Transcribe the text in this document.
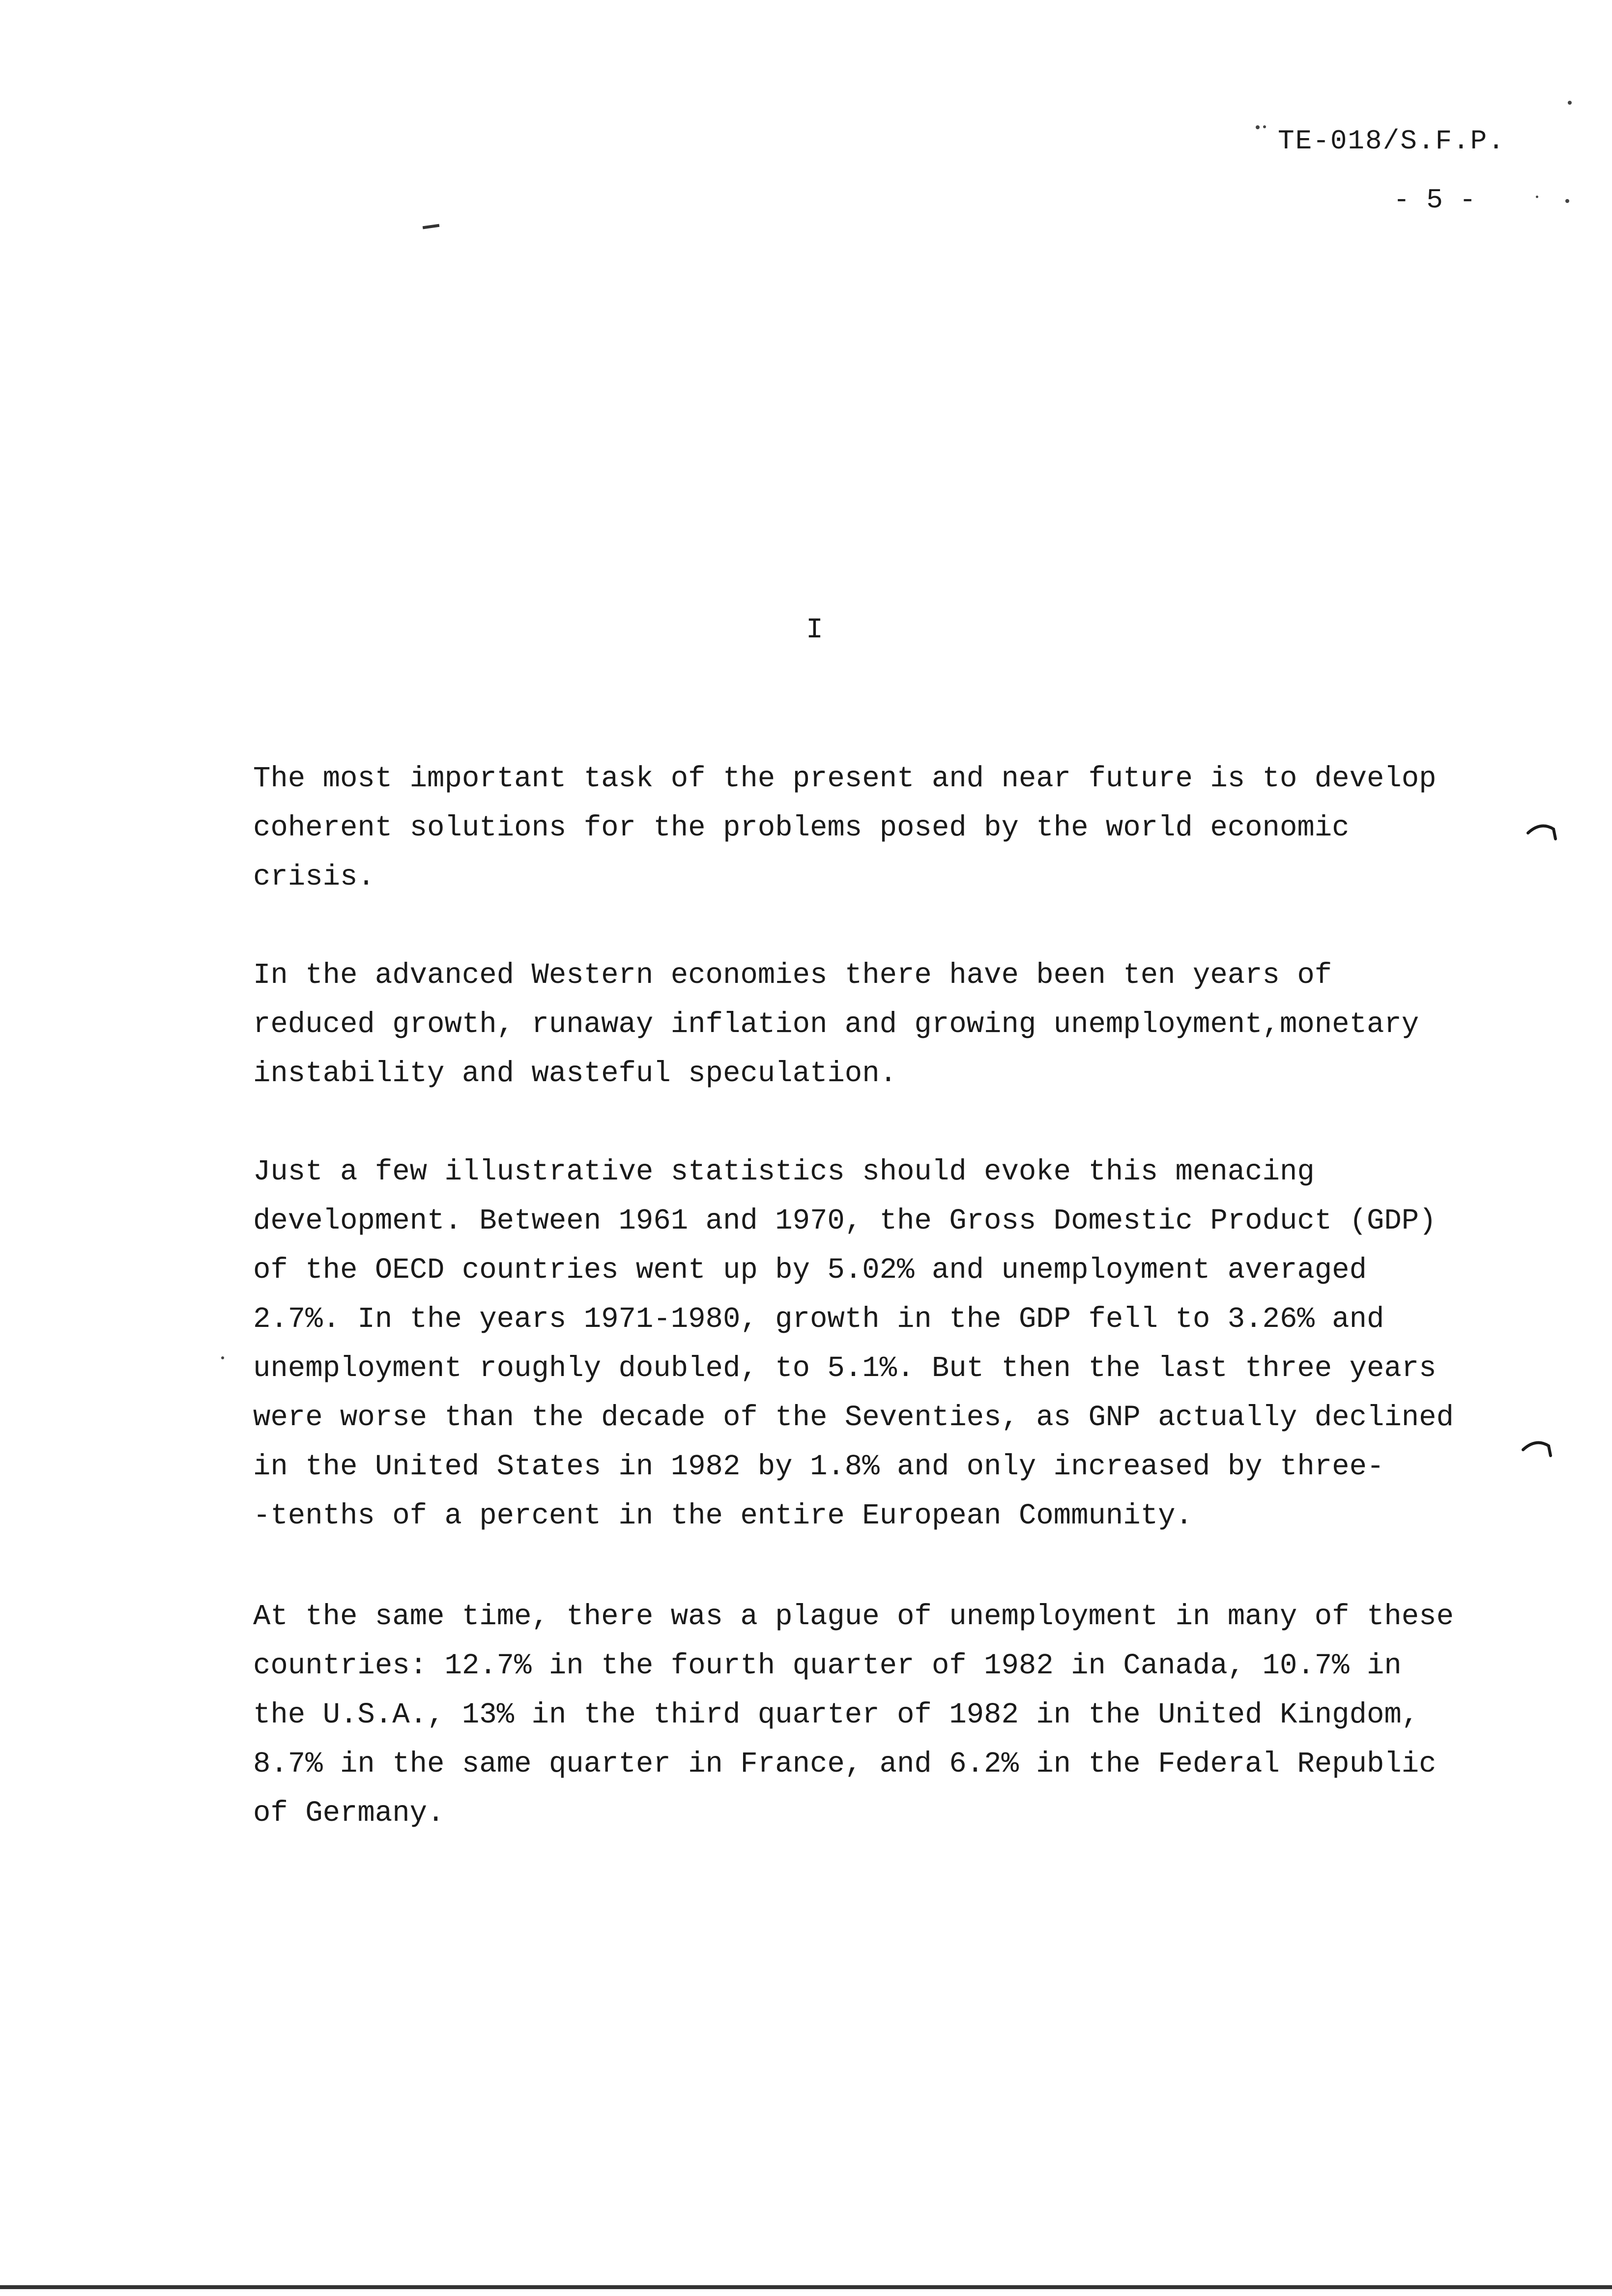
TE-018/S.F.P.
- 5 -
I

The most important task of the present and near future is to develop
coherent solutions for the problems posed by the world economic
crisis.

In the advanced Western economies there have been ten years of
reduced growth, runaway inflation and growing unemployment,monetary
instability and wasteful speculation.

Just a few illustrative statistics should evoke this menacing
development. Between 1961 and 1970, the Gross Domestic Product (GDP)
of the OECD countries went up by 5.02% and unemployment averaged
2.7%. In the years 1971-1980, growth in the GDP fell to 3.26% and
unemployment roughly doubled, to 5.1%. But then the last three years
were worse than the decade of the Seventies, as GNP actually declined
in the United States in 1982 by 1.8% and only increased by three-
-tenths of a percent in the entire European Community.

At the same time, there was a plague of unemployment in many of these
countries: 12.7% in the fourth quarter of 1982 in Canada, 10.7% in
the U.S.A., 13% in the third quarter of 1982 in the United Kingdom,
8.7% in the same quarter in France, and 6.2% in the Federal Republic
of Germany.
